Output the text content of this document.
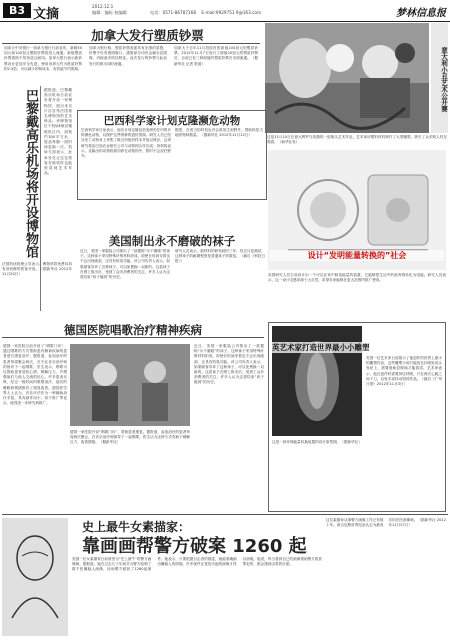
B3 文摘
2012.12.1
编辑：编标 校编辑	电话：0571-86787168 E-mail:9929751 9@163.com	梦林信息报
加拿大发行塑质钞票
加拿大中央银行一加拿大银行日前宣布，新版50加元和100加元塑胶钞票将投入流通。新版塑质钞票被指不易伪造且耐用。加拿大银行表示新钞票设计更加安全先进，使用寿命大约为纸质钞票的2.5倍，可以减少印制成本，有效地节约资源。
加拿大银行称，塑质钞票表面具有光滑的质感，钞票中央有透明窗口，透明部分印有金属全息图像，内嵌诸多防伪特征。此次发行的钞票与此前发行的纸币同时流通。
加拿大于去年11月投放首张面值100加元的塑质钞票。2012年11月7日发行了面值20加元的塑质钞票后，目前已有三种面值的塑质钞票在市面流通。（据新华社 记者 报道）	意大利小丑艺术公开赛
这是11月10日在意大利罗马拍摄的一组街头艺术作品，艺术家用塑料材料制作了大型雕塑，吸引了众多路人驻足观看。（新华社发）
巴黎戴高乐机场将开设博物馆 据报道，巴黎戴高乐机场日前宣布将开设一家博物馆，展出来自卢浮宫等法国著名博物馆的艺术珍品。该博物馆位于机场E航站楼候机区内，面积约300平方米，展品每隔一段时间更换一次。机场方面表示，此举旨在让过往旅客在候机时也能欣赏到艺术作品。
法国机场管理公司表示，博物馆将免费向持有登机牌的旅客开放。（据新华社 2012年11月20日）
巴西科学家计划克隆濒危动物
巴西科学家日前表示，他们计划克隆包括美洲豹在内的多种濒危动物，以保护这些物种的遗传资源。研究人员已经从死亡动物身上采集了数百份组织样本并加以保存，这项研究将由巴西农业研究公司与动物园合作完成。该机构表示，克隆出的动物将被饲养在动物园中，暂时不会放归野外。
据悉，在适当的时机也许会被放生到野外，帮助恢复当地的物种数量。（据新华社 2012年11月12日）
美国制出永不磨破的袜子
近日，美国一家服装公司推出了一款据称“永不磨破”的袜子。这种袜子采用特殊纤维材料织成，即使长时间穿着也不会出现破洞，还具有防臭功能。该公司负责人表示，如果顾客穿坏了这种袜子，可以免费换一双新的。这款袜子在网上推出后，受到了众多消费者的关注，许多人认为这将结束“袜子破洞”的历史。
研究人员表示，新材料的研发耗时三年，经过反复测试，这种袜子的耐磨程度是普通袜子的数倍。（摘自《科技日报》）
设计“发明能量转换的”社会
英国研究人员日前设计出一个可以在家中制造能量的装置，它能够把生活中的废弃物转化为电能。研究人员表示，这一设计灵感来源于大自然，希望未来能够在更大范围内推广使用。
德国医院唱歌治疗精神疾病
德国一家医院日前开设了“唱歌门诊”，通过唱歌的方式帮助患有精神疾病的患者进行康复治疗。据报道，参加治疗的患者每周聚会两次，在专业音乐治疗师的指导下一起唱歌。医生表示，唱歌可以帮助患者放松心情、缓解压力，并增强他们与他人交流的信心。许多患者反映，经过一段时间的歌唱治疗，他们的睡眠和情绪都有了明显改善。德国医学界人士认为，音乐疗法作为一种辅助治疗手段，具有副作用小、易于推广等优点，值得进一步研究和推广。
德国一家医院开设“唱歌门诊”，帮助患者康复。据报道，参加治疗的患者每周两次聚会，在音乐治疗师指导下一起唱歌。医生认为这种方式有助于缓解压力、改善情绪。（据新华社）
近日，美国一家服装公司推出了一款据称“永不磨破”的袜子。这种袜子采用特殊纤维材料织成，即使长时间穿着也不会出现破洞，还具有防臭功能。该公司负责人表示，如果顾客穿坏了这种袜子，可以免费换一双新的。这款袜子在网上推出后，受到了众多消费者的关注，许多人认为这将结束“袜子破洞”的历史。
英艺术家打造世界最小小雕塑
英国一位艺术家日前展示了他创作的世界上最小的雕塑作品，这些雕塑小到只能放在针眼里或头发丝上，需要借助显微镜才能看清。艺术家表示，他在创作时需要屏住呼吸，只在两次心跳之间下刀，以免手部抖动毁掉作品。（摘自《广州日报》2012年11月3日）
这是一款环保能量转换装置的设计原型图。（据新华社）
史上最牛女素描家：
靠画画帮警方破案 1260 起
美国一位女素描家日前被誉为“史上最牛”的警方画像师。据报道，她在过去几十年间共为警方绘制了数千张嫌疑人画像，协助警方破获了1260起案件。她表示，只要根据目击者的描述，就能准确画出嫌疑人的面貌。许多案件正是因为她的画像才得以侦破。她说，每当看到自己的画像帮助警方抓获罪犯时，都会感到由衷的自豪。
这位素描家从事警方画像工作已有数十年，被吉尼斯世界纪录认定为最成功的法医画像师。（据新华社 2012年11月27日）
